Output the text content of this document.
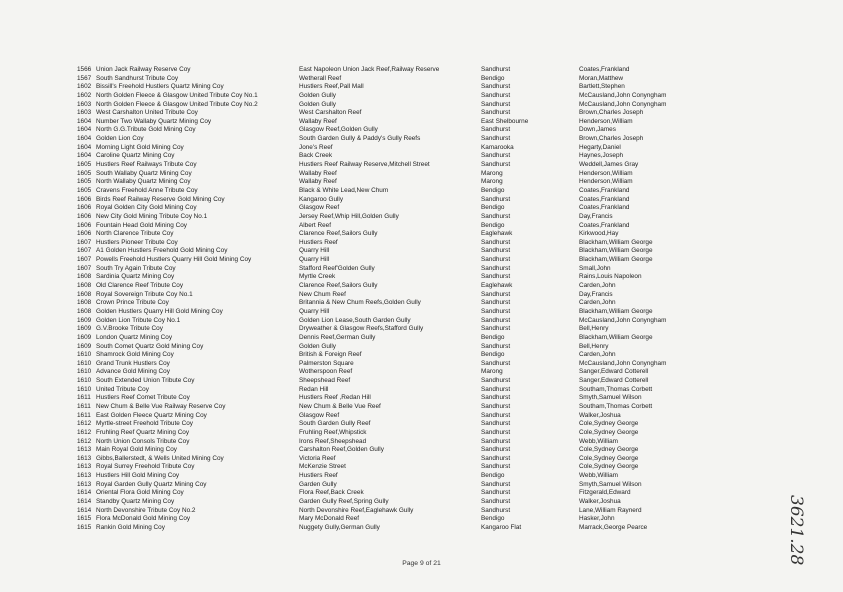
1566
1567
1602
1602
1603
1603
1604
1604
1604
1604
1604
1605
1605
1605
1605
1606
1606
1606
1606
1606
1607
1607
1607
1607
1608
1608
1608
1608
1608
1609
1609
1609
1609
1610
1610
1610
1610
1610
1611
1611
1611
1612
1612
1612
1613
1613
1613
1613
1613
1614
1614
1614
1615
1615
Union Jack Railway Reserve Coy
South Sandhurst Tribute Coy
Bissill's Freehold Hustlers Quartz Mining Coy
North Golden Fleece & Glasgow United Tribute Coy No.1
North Golden Fleece & Glasgow United Tribute Coy No.2
West Carshalton United Tribute Coy
Number Two Wallaby Quartz Mining Coy
North G.G.Tribute Gold Mining Coy
Golden Lion Coy
Morning Light Gold Mining Coy
Caroline Quartz Mining Coy
Hustlers Reef Railways Tribute Coy
South Wallaby Quartz Mining Coy
North Wallaby Quartz Mining Coy
Cravens Freehold Anne Tribute Coy
Birds Reef Railway Reserve Gold Mining Coy
Royal Golden City Gold Mining Coy
New City Gold Mining Tribute Coy No.1
Fountain Head Gold Mining Coy
North Clarence Tribute Coy
Hustlers Pioneer Tribute Coy
A1 Golden Hustlers Freehold Gold Mining Coy
Powells Freehold Hustlers Quarry Hill Gold Mining Coy
South Try Again Tribute Coy
Sardinia Quartz Mining Coy
Old Clarence Reef Tribute Coy
Royal Sovereign Tribute Coy No.1
Crown Prince Tribute Coy
Golden Hustlers Quarry Hill Gold Mining Coy
Golden Lion Tribute Coy No.1
G.V.Brooke Tribute Coy
London Quartz Mining Coy
South Comet Quartz Gold Mining Coy
Shamrock Gold Mining Coy
Grand Trunk Hustlers Coy
Advance Gold Mining Coy
South Extended Union Tribute Coy
United Tribute Coy
Hustlers Reef Comet Tribute Coy
New Chum & Belle Vue Railway Reserve Coy
East Golden Fleece Quartz Mining Coy
Myrtle-street Freehold Tribute Coy
Fruhling Reef Quartz Mining Coy
North Union Consols Tribute Coy
Main Royal Gold Mining Coy
Gibbs,Ballerstedt, & Wells United Mining Coy
Royal Surrey Freehold Tribute Coy
Hustlers Hill Gold Mining Coy
Royal Garden Gully Quartz Mining Coy
Oriental Flora Gold Mining Coy
Standby Quartz Mining Coy
North Devonshire Tribute Coy No.2
Flora McDonald Gold Mining Coy
Rankin Gold Mining Coy
East Napoleon Union Jack Reef,Railway Reserve
Wetherall Reef
Hustlers Reef,Pall Mall
Golden Gully
Golden Gully
West Carshalton Reef
Wallaby Reef
Glasgow Reef,Golden Gully
South Garden Gully & Paddy's Gully Reefs
Jone's Reef
Back Creek
Hustlers Reef Railway Reserve,Mitchell Street
Wallaby Reef
Wallaby Reef
Black & White Lead,New Chum
Kangaroo Gully
Glasgow Reef
Jersey Reef,Whip Hill,Golden Gully
Albert Reef
Clarence Reef,Sailors Gully
Hustlers Reef
Quarry Hill
Quarry Hill
Stafford Reef'Golden Gully
Myrtle Creek
Clarence Reef,Sailors Gully
New Chum Reef
Britannia & New Chum Reefs,Golden Gully
Quarry Hill
Golden Lion Lease,South Garden Gully
Dryweather & Glasgow Reefs,Stafford Gully
Dennis Reef,German Gully
Golden Gully
British & Foreign Reef
Palmerston Square
Wotherspoon Reef
Sheepshead Reef
Redan Hill
Hustlers Reef ,Redan Hill
New Chum & Belle Vue Reef
Glasgow Reef
South Garden Gully Reef
Fruhling Reef,Whipstick
Irons Reef,Sheepshead
Carshalton Reef,Golden Gully
Victoria Reef
McKenzie Street
Hustlers Reef
Garden Gully
Flora Reef,Back Creek
Garden Gully Reef,Spring Gully
North Devonshire Reef,Eaglehawk Gully
Mary McDonald Reef
Nuggety Gully,German Gully
Sandhurst
Bendigo
Sandhurst
Sandhurst
Sandhurst
Sandhurst
East Shelbourne
Sandhurst
Sandhurst
Kamarooka
Sandhurst
Sandhurst
Marong
Marong
Bendigo
Sandhurst
Bendigo
Sandhurst
Bendigo
Eaglehawk
Sandhurst
Sandhurst
Sandhurst
Sandhurst
Sandhurst
Eaglehawk
Sandhurst
Sandhurst
Sandhurst
Sandhurst
Sandhurst
Bendigo
Sandhurst
Bendigo
Sandhurst
Marong
Sandhurst
Sandhurst
Sandhurst
Sandhurst
Sandhurst
Sandhurst
Sandhurst
Sandhurst
Sandhurst
Sandhurst
Sandhurst
Bendigo
Sandhurst
Sandhurst
Sandhurst
Sandhurst
Bendigo
Kangaroo Flat
Coates,Frankland
Moran,Matthew
Bartlett,Stephen
McCausland,John Conyngham
McCausland,John Conyngham
Brown,Charles Joseph
Henderson,William
Down,James
Brown,Charles Joseph
Hegarty,Daniel
Haynes,Joseph
Weddell,James Gray
Henderson,William
Henderson,William
Coates,Frankland
Coates,Frankland
Coates,Frankland
Day,Francis
Coates,Frankland
Kirkwood,Hay
Blackham,William George
Blackham,William George
Blackham,William George
Small,John
Rains,Louis Napoleon
Carden,John
Day,Francis
Carden,John
Blackham,William George
McCausland,John Conyngham
Bell,Henry
Blackham,William George
Bell,Henry
Carden,John
McCausland,John Conyngham
Sanger,Edward Cotterell
Sanger,Edward Cotterell
Southam,Thomas Corbett
Smyth,Samuel Wilson
Southam,Thomas Corbett
Walker,Joshua
Cole,Sydney George
Cole,Sydney George
Webb,William
Cole,Sydney George
Cole,Sydney George
Cole,Sydney George
Webb,William
Smyth,Samuel Wilson
Fitzgerald,Edward
Walker,Joshua
Lane,William Raynerd
Hasker,John
Marrack,George Pearce
Page 9 of 21	3621.28
